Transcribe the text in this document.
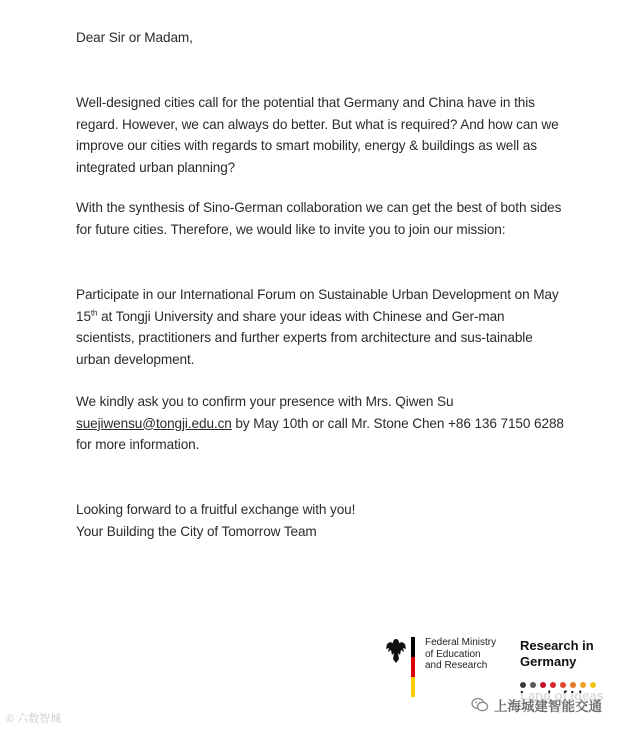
Dear Sir or Madam,

Well-designed cities call for the potential that Germany and China have in this regard. However, we can always do better. But what is required? And how can we improve our cities with regards to smart mobility, energy & buildings as well as integrated urban planning?

With the synthesis of Sino-German collaboration we can get the best of both sides for future cities. Therefore, we would like to invite you to join our mission:

Participate in our International Forum on Sustainable Urban Development on May 15th at Tongji University and share your ideas with Chinese and Ger-man scientists, practitioners and further experts from architecture and sus-tainable urban development.

We kindly ask you to confirm your presence with Mrs. Qiwen Su suejiwensu@tongji.edu.cn by May 10th or call Mr. Stone Chen +86 136 7150 6288 for more information.

Looking forward to a fruitful exchange with you!

Your Building the City of Tomorrow Team

Federal Ministry
of Education
and Research
Research in
Germany
© 六数智城
上海城建智能交通
